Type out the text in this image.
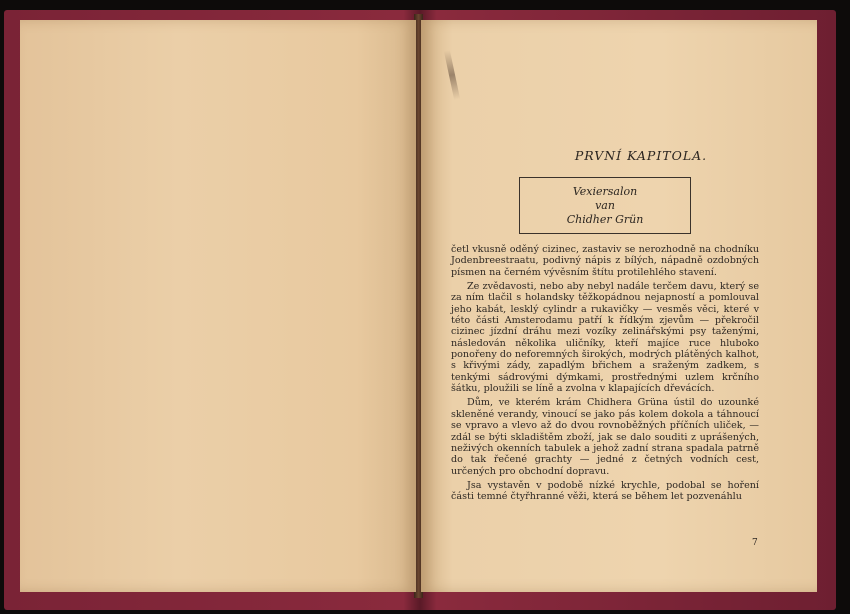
PRVNÍ KAPITOLA.
Vexiersalon
van
Chidher Grün

četl vkusně oděný cizinec, zastaviv se nerozhodně na chodníku Jodenbreestraatu, podivný nápis z bílých, nápadně ozdobných písmen na černém vývěsním štítu protilehlého stavení.

Ze zvědavosti, nebo aby nebyl nadále terčem davu, který se za ním tlačil s holandsky těžkopádnou nejapností a pomlouval jeho kabát, lesklý cylindr a rukavičky — vesměs věci, které v této části Amsterodamu patří k řídkým zjevům — překročil cizinec jízdní dráhu mezi vozíky zelinářskými psy taženými, následován několika uličníky, kteří majíce ruce hluboko ponořeny do neforemných širokých, modrých plátěných kalhot, s křivými zády, zapadlým břichem a sraženým zadkem, s tenkými sádrovými dýmkami, prostřednými uzlem krčního šátku, ploužili se líně a zvolna v klapajících dřevácích.

Dům, ve kterém krám Chidhera Grüna ústil do uzounké skleněné verandy, vinoucí se jako pás kolem dokola a táhnoucí se vpravo a vlevo až do dvou rovnoběžných příčních uliček, — zdál se býti skladištěm zboží, jak se dalo souditi z uprášených, neživých okenních tabulek a jehož zadní strana spadala patrně do tak řečené grachty — jedné z četných vodních cest, určených pro obchodní dopravu.

Jsa vystavěn v podobě nízké krychle, podobal se hoření části temné čtyřhranné věži, která se během let pozvenáhlu

7
